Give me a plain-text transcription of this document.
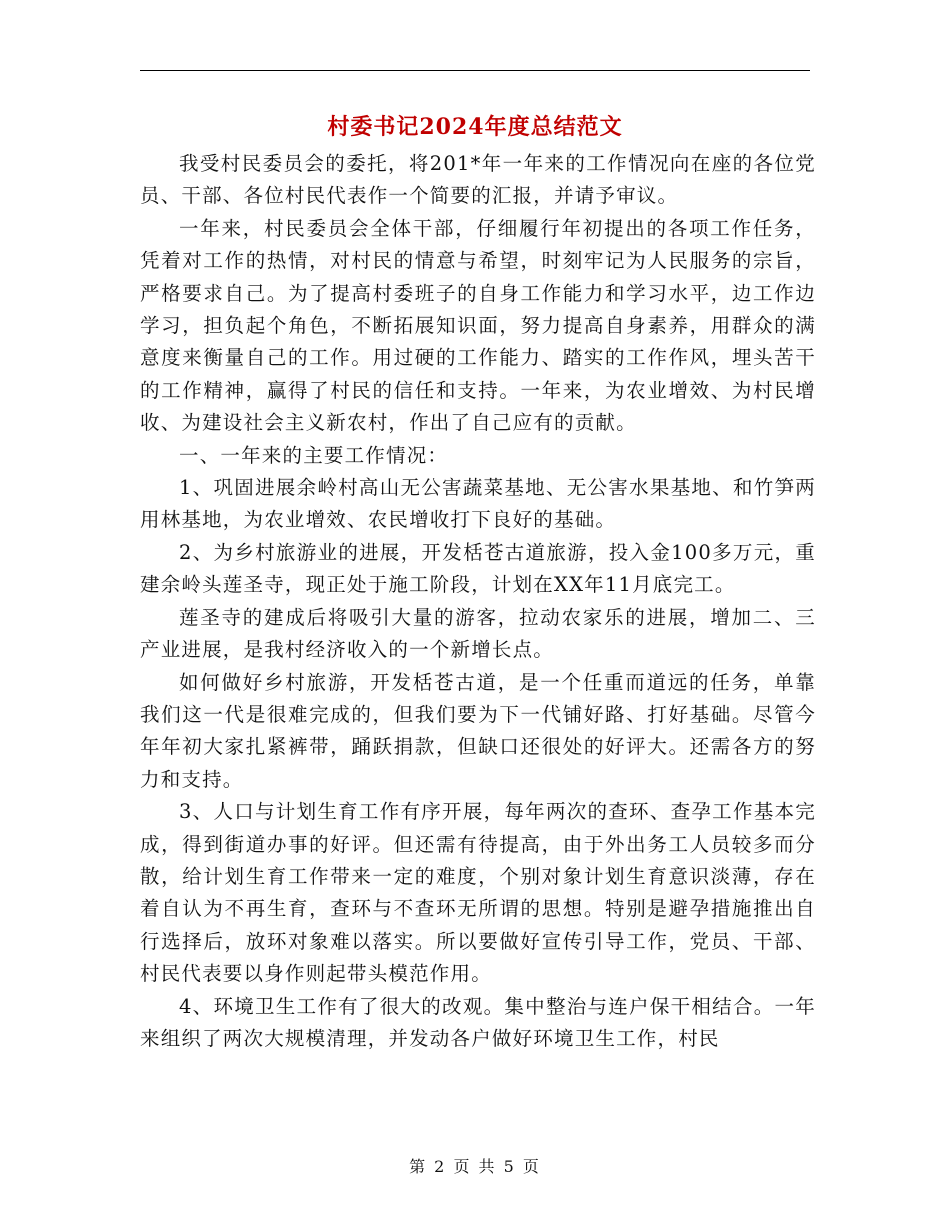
村委书记2024年度总结范文

我受村民委员会的委托，将201*年一年来的工作情况向在座的各位党员、干部、各位村民代表作一个简要的汇报，并请予审议。

一年来，村民委员会全体干部，仔细履行年初提出的各项工作任务，凭着对工作的热情，对村民的情意与希望，时刻牢记为人民服务的宗旨，严格要求自己。为了提高村委班子的自身工作能力和学习水平，边工作边学习，担负起个角色，不断拓展知识面，努力提高自身素养，用群众的满意度来衡量自己的工作。用过硬的工作能力、踏实的工作作风，埋头苦干的工作精神，赢得了村民的信任和支持。一年来，为农业增效、为村民增收、为建设社会主义新农村，作出了自己应有的贡献。

一、一年来的主要工作情况：

1、巩固进展余岭村高山无公害蔬菜基地、无公害水果基地、和竹笋两用林基地，为农业增效、农民增收打下良好的基础。

2、为乡村旅游业的进展，开发栝苍古道旅游，投入金100多万元，重建余岭头莲圣寺，现正处于施工阶段，计划在XX年11月底完工。

莲圣寺的建成后将吸引大量的游客，拉动农家乐的进展，增加二、三产业进展，是我村经济收入的一个新增长点。

如何做好乡村旅游，开发栝苍古道，是一个任重而道远的任务，单靠我们这一代是很难完成的，但我们要为下一代铺好路、打好基础。尽管今年年初大家扎紧裤带，踊跃捐款，但缺口还很处的好评大。还需各方的努力和支持。

3、人口与计划生育工作有序开展，每年两次的查环、查孕工作基本完成，得到街道办事的好评。但还需有待提高，由于外出务工人员较多而分散，给计划生育工作带来一定的难度，个别对象计划生育意识淡薄，存在着自认为不再生育，查环与不查环无所谓的思想。特别是避孕措施推出自行选择后，放环对象难以落实。所以要做好宣传引导工作，党员、干部、村民代表要以身作则起带头模范作用。

4、环境卫生工作有了很大的改观。集中整治与连户保干相结合。一年来组织了两次大规模清理，并发动各户做好环境卫生工作，村民

第 2 页 共 5 页
